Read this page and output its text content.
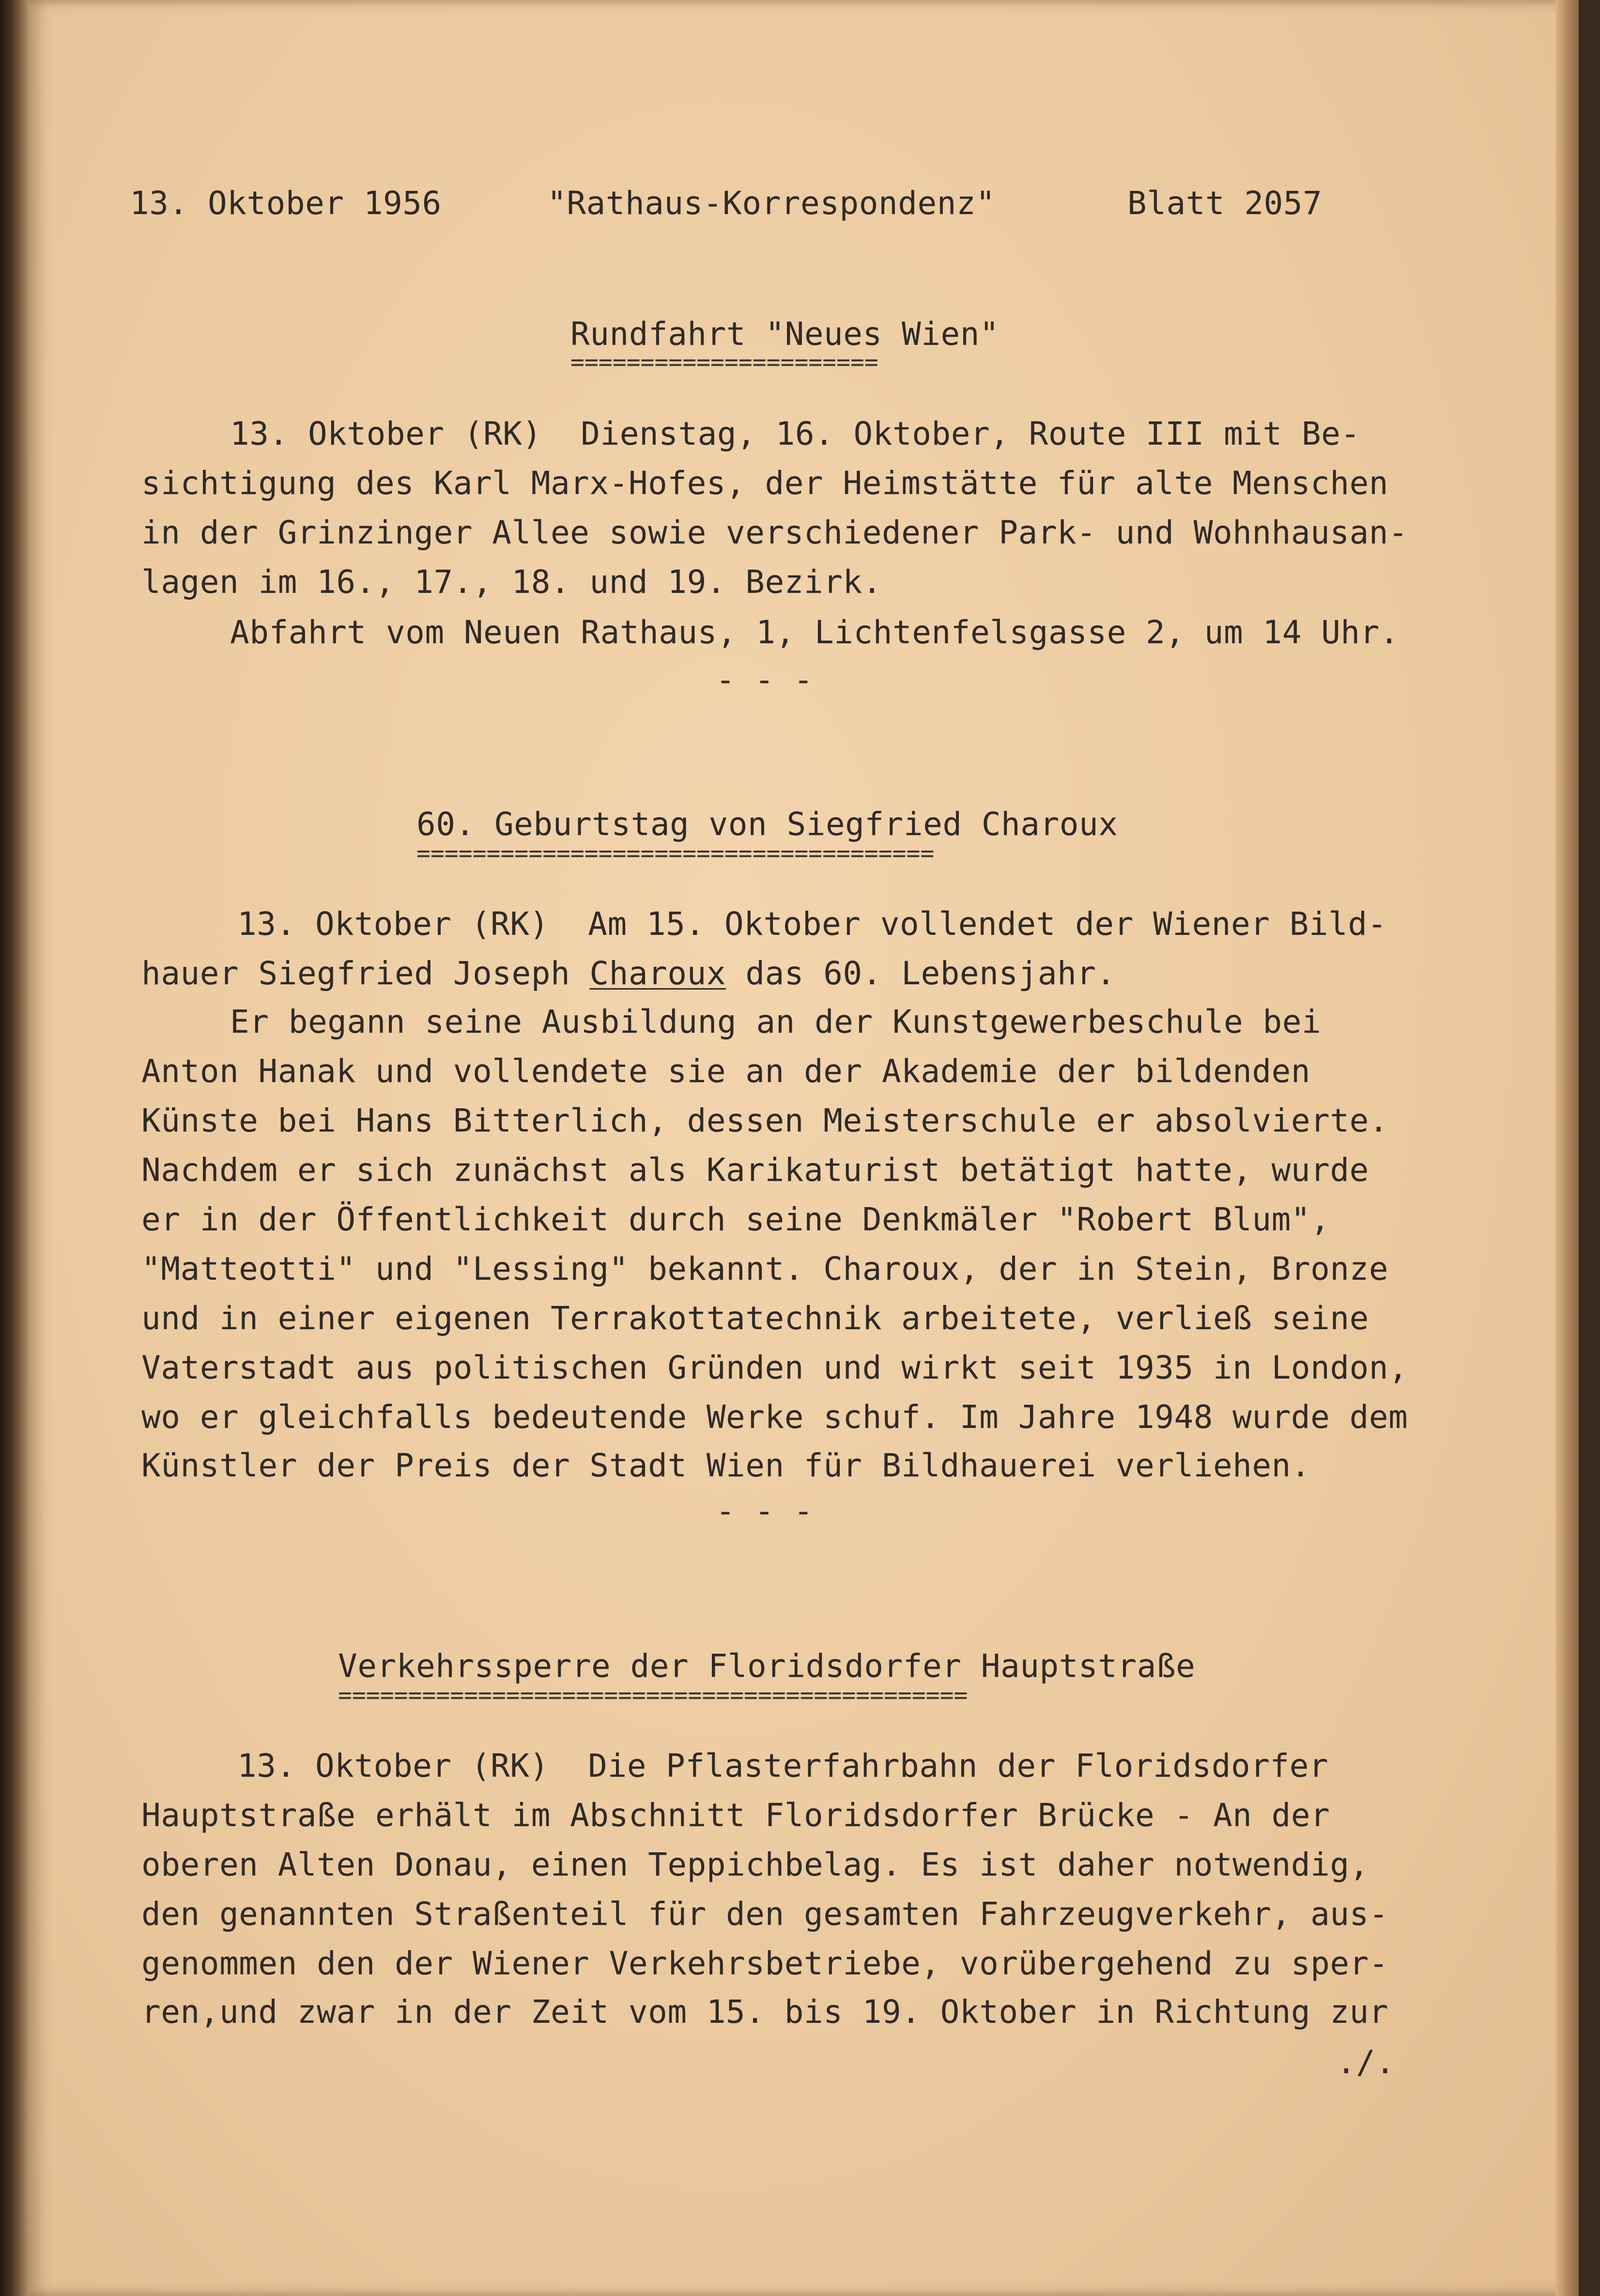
13. Oktober 1956	"Rathaus-Korrespondenz"	Blatt 2057
Rundfahrt "Neues Wien"
======================
13. Oktober (RK)  Dienstag, 16. Oktober, Route III mit Be-
sichtigung des Karl Marx-Hofes, der Heimstätte für alte Menschen
in der Grinzinger Allee sowie verschiedener Park- und Wohnhausan-
lagen im 16., 17., 18. und 19. Bezirk.
Abfahrt vom Neuen Rathaus, 1, Lichtenfelsgasse 2, um 14 Uhr.
- - -
60. Geburtstag von Siegfried Charoux
=====================================
13. Oktober (RK)  Am 15. Oktober vollendet der Wiener Bild-
hauer Siegfried Joseph Charoux das 60. Lebensjahr.
Er begann seine Ausbildung an der Kunstgewerbeschule bei
Anton Hanak und vollendete sie an der Akademie der bildenden
Künste bei Hans Bitterlich, dessen Meisterschule er absolvierte.
Nachdem er sich zunächst als Karikaturist betätigt hatte, wurde
er in der Öffentlichkeit durch seine Denkmäler "Robert Blum",
"Matteotti" und "Lessing" bekannt. Charoux, der in Stein, Bronze
und in einer eigenen Terrakottatechnik arbeitete, verließ seine
Vaterstadt aus politischen Gründen und wirkt seit 1935 in London,
wo er gleichfalls bedeutende Werke schuf. Im Jahre 1948 wurde dem
Künstler der Preis der Stadt Wien für Bildhauerei verliehen.
- - -
Verkehrssperre der Floridsdorfer Hauptstraße
=============================================
13. Oktober (RK)  Die Pflasterfahrbahn der Floridsdorfer
Hauptstraße erhält im Abschnitt Floridsdorfer Brücke - An der
oberen Alten Donau, einen Teppichbelag. Es ist daher notwendig,
den genannten Straßenteil für den gesamten Fahrzeugverkehr, aus-
genommen den der Wiener Verkehrsbetriebe, vorübergehend zu sper-
ren,und zwar in der Zeit vom 15. bis 19. Oktober in Richtung zur
./.
